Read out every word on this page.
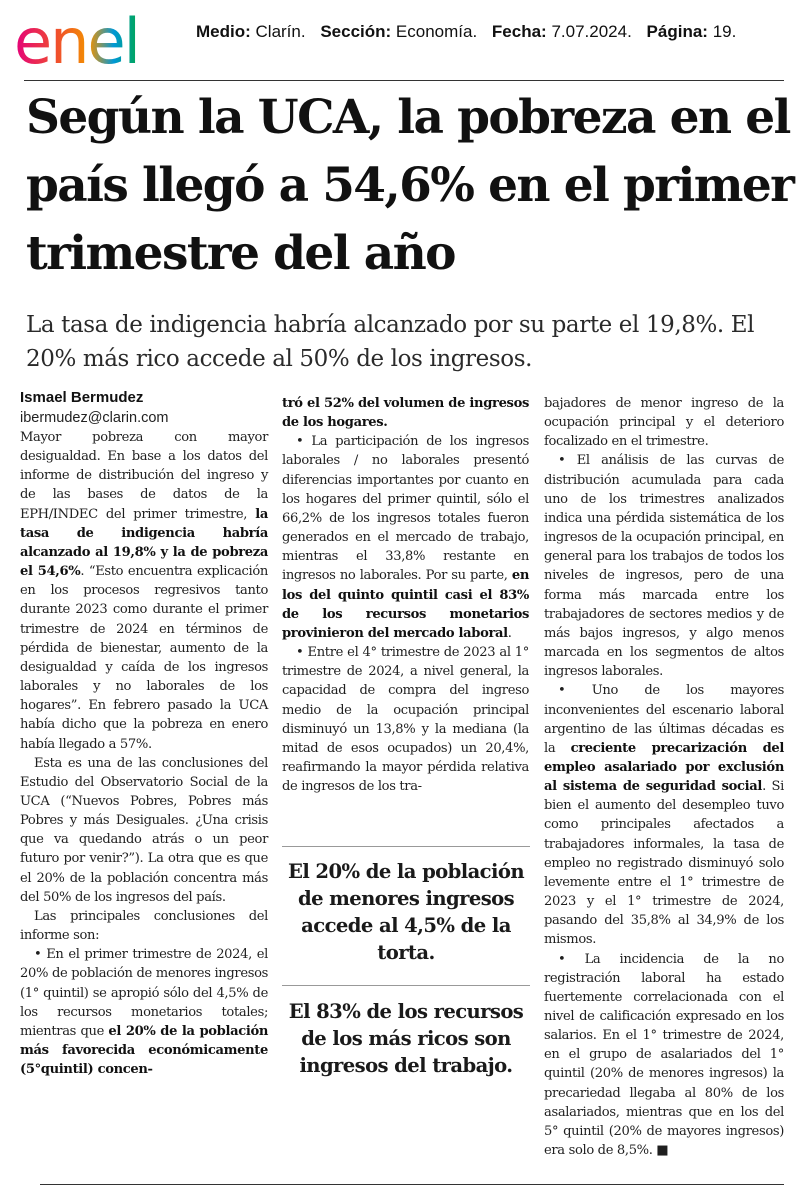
enel	Medio: Clarín. Sección: Economía. Fecha: 7.07.2024. Página: 19.
Según la UCA, la pobreza en el país llegó a 54,6% en el primer trimestre del año

La tasa de indigencia habría alcanzado por su parte el 19,8%. El 20% más rico accede al 50% de los ingresos.

Ismael Bermudez

ibermudez@clarin.com

Mayor pobreza con mayor desigualdad. En base a los datos del informe de distribución del ingreso y de las bases de datos de la EPH/INDEC del primer trimestre, la tasa de indigencia habría alcanzado al 19,8% y la de pobreza el 54,6%. “Esto encuentra explicación en los procesos regresivos tanto durante 2023 como durante el primer trimestre de 2024 en términos de pérdida de bienestar, aumento de la desigualdad y caída de los ingresos laborales y no laborales de los hogares”. En febrero pasado la UCA había dicho que la pobreza en enero había llegado a 57%.

Esta es una de las conclusiones del Estudio del Observatorio Social de la UCA (“Nuevos Pobres, Pobres más Pobres y más Desiguales. ¿Una crisis que va quedando atrás o un peor futuro por venir?”). La otra que es que el 20% de la población concentra más del 50% de los ingresos del país.

Las principales conclusiones del informe son:

• En el primer trimestre de 2024, el 20% de población de menores ingresos (1° quintil) se apropió sólo del 4,5% de los recursos monetarios totales; mientras que el 20% de la población más favorecida económicamente (5°quintil) concen-

tró el 52% del volumen de ingresos de los hogares.

• La participación de los ingresos laborales / no laborales presentó diferencias importantes por cuanto en los hogares del primer quintil, sólo el 66,2% de los ingresos totales fueron generados en el mercado de trabajo, mientras el 33,8% restante en ingresos no laborales. Por su parte, en los del quinto quintil casi el 83% de los recursos monetarios provinieron del mercado laboral.

• Entre el 4° trimestre de 2023 al 1° trimestre de 2024, a nivel general, la capacidad de compra del ingreso medio de la ocupación principal disminuyó un 13,8% y la mediana (la mitad de esos ocupados) un 20,4%, reafirmando la mayor pérdida relativa de ingresos de los tra-

El 20% de la población de menores ingresos accede al 4,5% de la torta.

El 83% de los recursos de los más ricos son ingresos del trabajo.

bajadores de menor ingreso de la ocupación principal y el deterioro focalizado en el trimestre.

• El análisis de las curvas de distribución acumulada para cada uno de los trimestres analizados indica una pérdida sistemática de los ingresos de la ocupación principal, en general para los trabajos de todos los niveles de ingresos, pero de una forma más marcada entre los trabajadores de sectores medios y de más bajos ingresos, y algo menos marcada en los segmentos de altos ingresos laborales.

• Uno de los mayores inconvenientes del escenario laboral argentino de las últimas décadas es la creciente precarización del empleo asalariado por exclusión al sistema de seguridad social. Si bien el aumento del desempleo tuvo como principales afectados a trabajadores informales, la tasa de empleo no registrado disminuyó solo levemente entre el 1° trimestre de 2023 y el 1° trimestre de 2024, pasando del 35,8% al 34,9% de los mismos.

• La incidencia de la no registración laboral ha estado fuertemente correlacionada con el nivel de calificación expresado en los salarios. En el 1° trimestre de 2024, en el grupo de asalariados del 1° quintil (20% de menores ingresos) la precariedad llegaba al 80% de los asalariados, mientras que en los del 5° quintil (20% de mayores ingresos) era solo de 8,5%. ■
